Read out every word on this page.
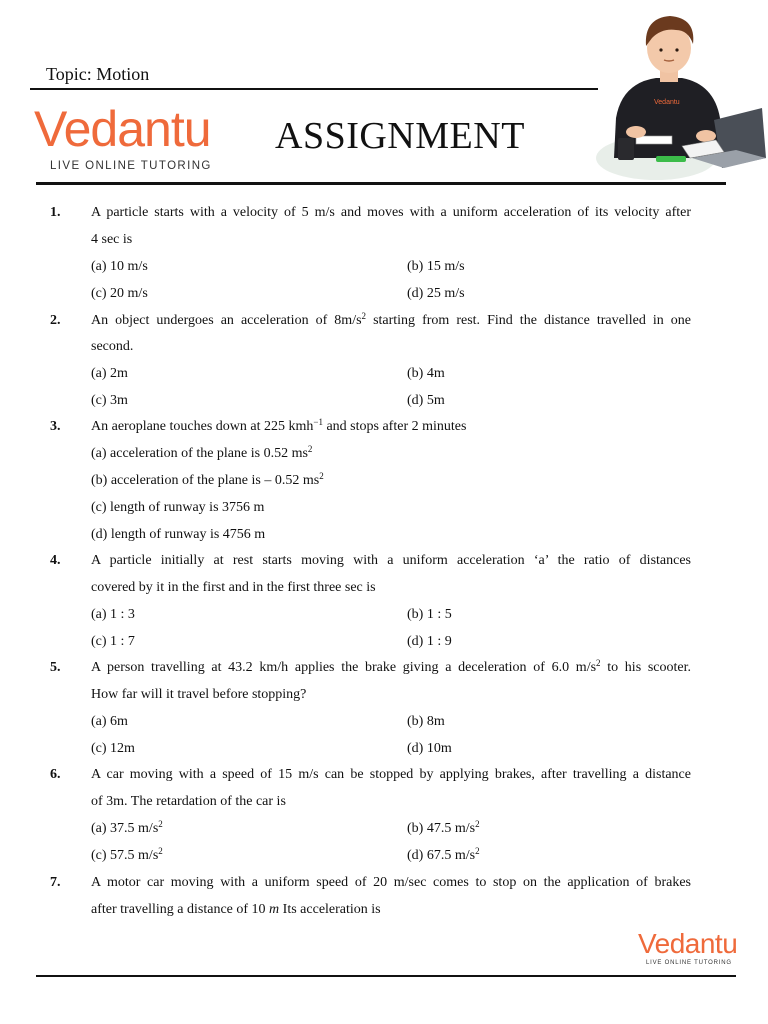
Topic: Motion
Vedantu
LIVE ONLINE TUTORING
ASSIGNMENT
Vedantu
1. A particle starts with a velocity of 5 m/s and moves with a uniform acceleration of its velocity after
4 sec is
(a) 10 m/s	(b) 15 m/s
(c) 20 m/s	(d) 25 m/s
2. An object undergoes an acceleration of $8m/s^2$ starting from rest. Find the distance travelled in one
second.
(a) 2m	(b) 4m
(c) 3m	(d) 5m
3. An aeroplane touches down at 225 kmh$^{-1}$ and stops after 2 minutes
(a) acceleration of the plane is 0.52 $ms^2$
(b) acceleration of the plane is – 0.52 $ms^2$
(c) length of runway is 3756 m
(d) length of runway is 4756 m
4. A particle initially at rest starts moving with a uniform acceleration ‘a’ the ratio of distances
covered by it in the first and in the first three sec is
(a) 1 : 3	(b) 1 : 5
(c) 1 : 7	(d) 1 : 9
5. A person travelling at 43.2 km/h applies the brake giving a deceleration of 6.0 $m/s^2$ to his scooter.
How far will it travel before stopping?
(a) 6m	(b) 8m
(c) 12m	(d) 10m
6. A car moving with a speed of 15 m/s can be stopped by applying brakes, after travelling a distance
of 3m. The retardation of the car is
(a) 37.5 $m/s^2$	(b) 47.5 $m/s^2$
(c) 57.5 $m/s^2$	(d) 67.5 $m/s^2$
7. A motor car moving with a uniform speed of 20 m/sec comes to stop on the application of brakes
after travelling a distance of 10 m Its acceleration is
Vedantu
LIVE ONLINE TUTORING
